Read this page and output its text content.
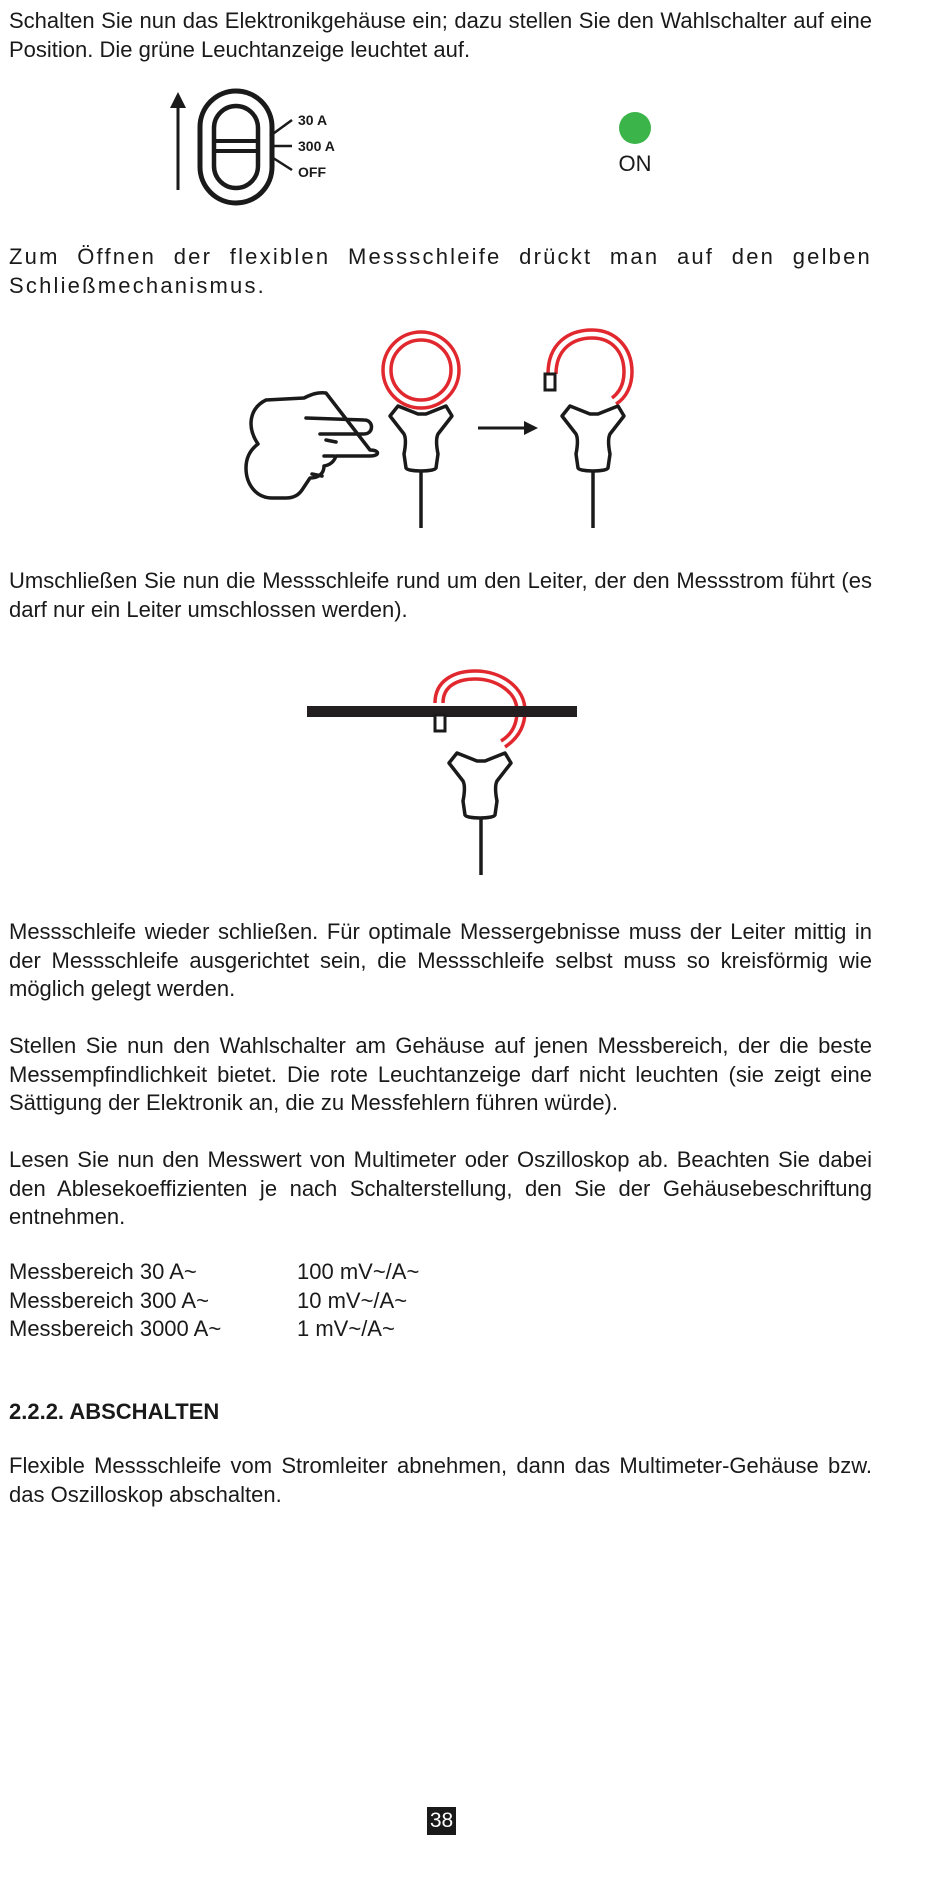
Schalten Sie nun das Elektronikgehäuse ein; dazu stellen Sie den Wahlschalter auf eine Position. Die grüne Leuchtanzeige leuchtet auf.

30 A
300 A
OFF	ON

Zum Öffnen der flexiblen Messschleife drückt man auf den gelben Schließmechanismus.

Umschließen Sie nun die Messschleife rund um den Leiter, der den Messstrom führt (es darf nur ein Leiter umschlossen werden).

Messschleife wieder schließen. Für optimale Messergebnisse muss der Leiter mittig in der Messschleife ausgerichtet sein, die Messschleife selbst muss so kreisförmig wie möglich gelegt werden.

Stellen Sie nun den Wahlschalter am Gehäuse auf jenen Messbereich, der die beste Messempfindlichkeit bietet. Die rote Leuchtanzeige darf nicht leuchten (sie zeigt eine Sättigung der Elektronik an, die zu Messfehlern führen würde).

Lesen Sie nun den Messwert von Multimeter oder Oszilloskop ab. Beachten Sie dabei den Ablesekoeffizienten je nach Schalterstellung, den Sie der Gehäusebeschriftung entnehmen.

Messbereich 30 A~	100 mV~/A~
Messbereich 300 A~	10 mV~/A~
Messbereich 3000 A~	1 mV~/A~
2.2.2. ABSCHALTEN

Flexible Messschleife vom Stromleiter abnehmen, dann das Multimeter-Gehäuse bzw. das Oszilloskop abschalten.

38
